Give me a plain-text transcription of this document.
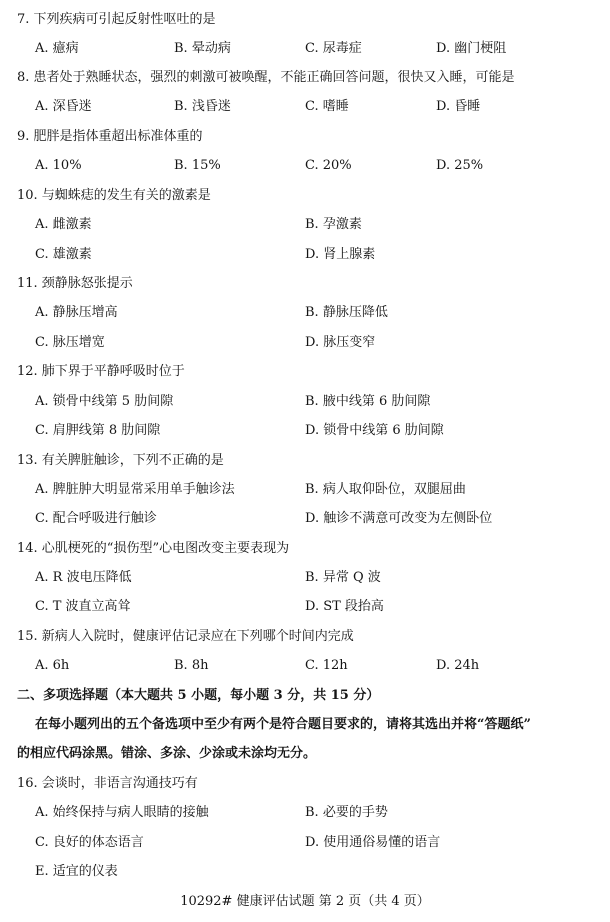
7. 下列疾病可引起反射性呕吐的是
A. 癔病	B. 晕动病	C. 尿毒症	D. 幽门梗阻
8. 患者处于熟睡状态，强烈的刺激可被唤醒，不能正确回答问题，很快又入睡，可能是
A. 深昏迷	B. 浅昏迷	C. 嗜睡	D. 昏睡
9. 肥胖是指体重超出标准体重的
A. 10%	B. 15%	C. 20%	D. 25%
10. 与蜘蛛痣的发生有关的激素是
A. 雌激素	B. 孕激素
C. 雄激素	D. 肾上腺素
11. 颈静脉怒张提示
A. 静脉压增高	B. 静脉压降低
C. 脉压增宽	D. 脉压变窄
12. 肺下界于平静呼吸时位于
A. 锁骨中线第 5 肋间隙	B. 腋中线第 6 肋间隙
C. 肩胛线第 8 肋间隙	D. 锁骨中线第 6 肋间隙
13. 有关脾脏触诊，下列不正确的是
A. 脾脏肿大明显常采用单手触诊法	B. 病人取仰卧位，双腿屈曲
C. 配合呼吸进行触诊	D. 触诊不满意可改变为左侧卧位
14. 心肌梗死的“损伤型”心电图改变主要表现为
A. R 波电压降低	B. 异常 Q 波
C. T 波直立高耸	D. ST 段抬高
15. 新病人入院时，健康评估记录应在下列哪个时间内完成
A. 6h	B. 8h	C. 12h	D. 24h
二、多项选择题（本大题共 5 小题，每小题 3 分，共 15 分）
在每小题列出的五个备选项中至少有两个是符合题目要求的，请将其选出并将“答题纸”
的相应代码涂黑。错涂、多涂、少涂或未涂均无分。
16. 会谈时，非语言沟通技巧有
A. 始终保持与病人眼睛的接触	B. 必要的手势
C. 良好的体态语言	D. 使用通俗易懂的语言
E. 适宜的仪表
10292# 健康评估试题 第 2 页（共 4 页）
